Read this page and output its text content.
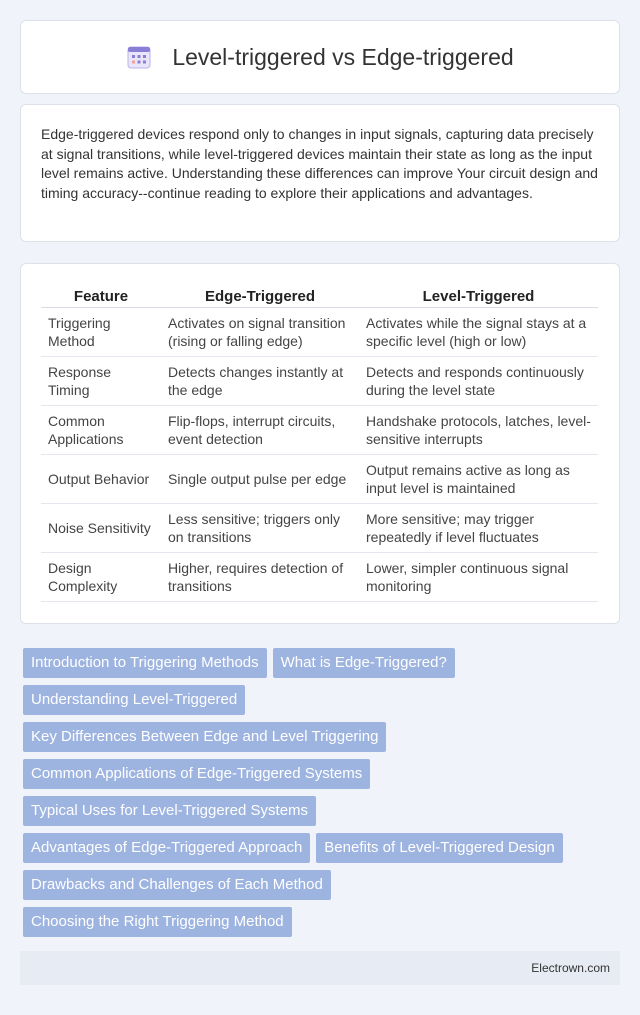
Level-triggered vs Edge-triggered

Edge-triggered devices respond only to changes in input signals, capturing data precisely at signal transitions, while level-triggered devices maintain their state as long as the input level remains active. Understanding these differences can improve Your circuit design and timing accuracy--continue reading to explore their applications and advantages.

Feature	Edge-Triggered	Level-Triggered
Triggering Method	Activates on signal transition (rising or falling edge)	Activates while the signal stays at a specific level (high or low)
Response Timing	Detects changes instantly at the edge	Detects and responds continuously during the level state
Common Applications	Flip-flops, interrupt circuits, event detection	Handshake protocols, latches, level-sensitive interrupts
Output Behavior	Single output pulse per edge	Output remains active as long as input level is maintained
Noise Sensitivity	Less sensitive; triggers only on transitions	More sensitive; may trigger repeatedly if level fluctuates
Design Complexity	Higher, requires detection of transitions	Lower, simpler continuous signal monitoring
Introduction to Triggering Methods What is Edge-Triggered?Understanding Level-TriggeredKey Differences Between Edge and Level TriggeringCommon Applications of Edge-Triggered SystemsTypical Uses for Level-Triggered SystemsAdvantages of Edge-Triggered Approach Benefits of Level-Triggered DesignDrawbacks and Challenges of Each MethodChoosing the Right Triggering Method
Electrown.com
